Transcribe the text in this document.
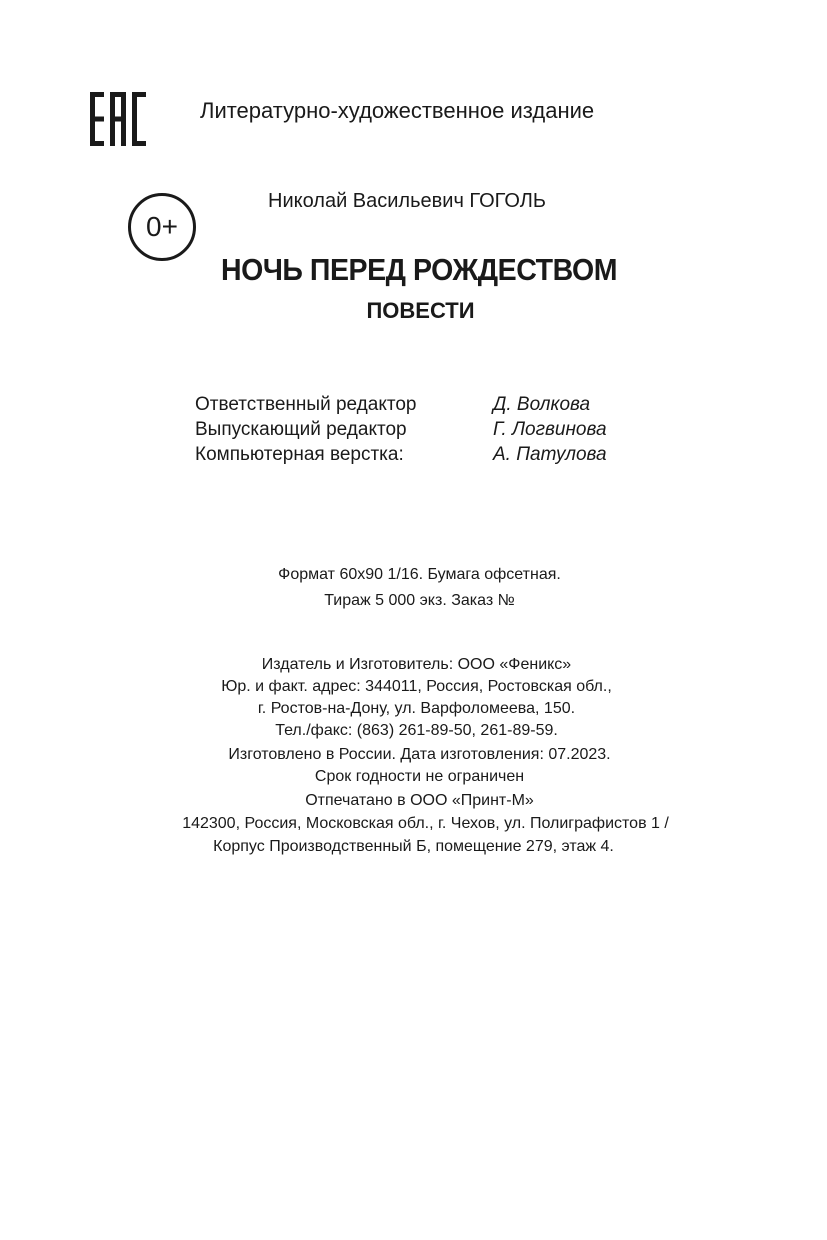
Литературно-художественное издание
0+
Николай Васильевич ГОГОЛЬ
НОЧЬ ПЕРЕД РОЖДЕСТВОМ
ПОВЕСТИ
Ответственный редактор	Д. Волкова
Выпускающий редактор	Г. Логвинова
Компьютерная верстка:	А. Патулова
Формат 60х90 1/16. Бумага офсетная.
Тираж 5 000 экз. Заказ №
Издатель и Изготовитель: ООО «Феникс»
Юр. и факт. адрес: 344011, Россия, Ростовская обл.,
г. Ростов-на-Дону, ул. Варфоломеева, 150.
Тел./факс: (863) 261-89-50, 261-89-59.
Изготовлено в России. Дата изготовления: 07.2023.
Срок годности не ограничен
Отпечатано в ООО «Принт-М»
142300, Россия, Московская обл., г. Чехов, ул. Полиграфистов 1 /
Корпус Производственный Б, помещение 279, этаж 4.
